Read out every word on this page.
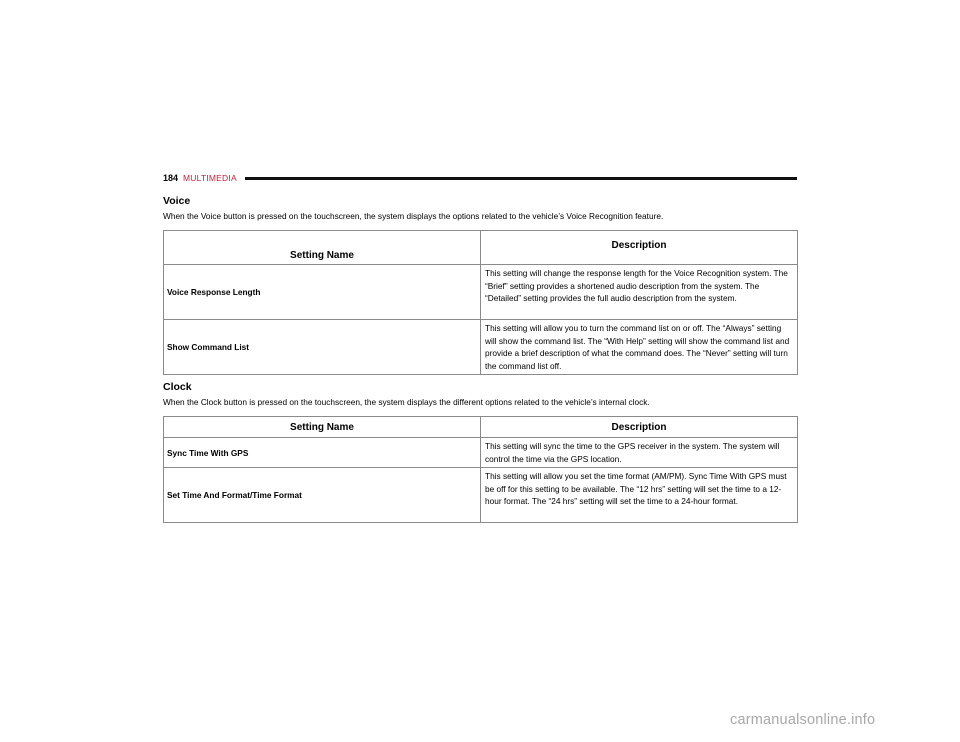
184 MULTIMEDIA
Voice

When the Voice button is pressed on the touchscreen, the system displays the options related to the vehicle’s Voice Recognition feature.

Setting Name	Description
Voice Response Length	This setting will change the response length for the Voice Recognition system. The “Brief” setting provides a shortened audio description from the system. The “Detailed” setting provides the full audio description from the system.
Show Command List	This setting will allow you to turn the command list on or off. The “Always” setting will show the command list. The “With Help” setting will show the command list and provide a brief description of what the command does. The “Never” setting will turn the command list off.
Clock

When the Clock button is pressed on the touchscreen, the system displays the different options related to the vehicle’s internal clock.

Setting Name	Description
Sync Time With GPS	This setting will sync the time to the GPS receiver in the system. The system will control the time via the GPS location.
Set Time And Format/Time Format	This setting will allow you set the time format (AM/PM). Sync Time With GPS must be off for this setting to be available. The “12 hrs” setting will set the time to a 12-hour format. The “24 hrs” setting will set the time to a 24-hour format.
carmanualsonline.info
